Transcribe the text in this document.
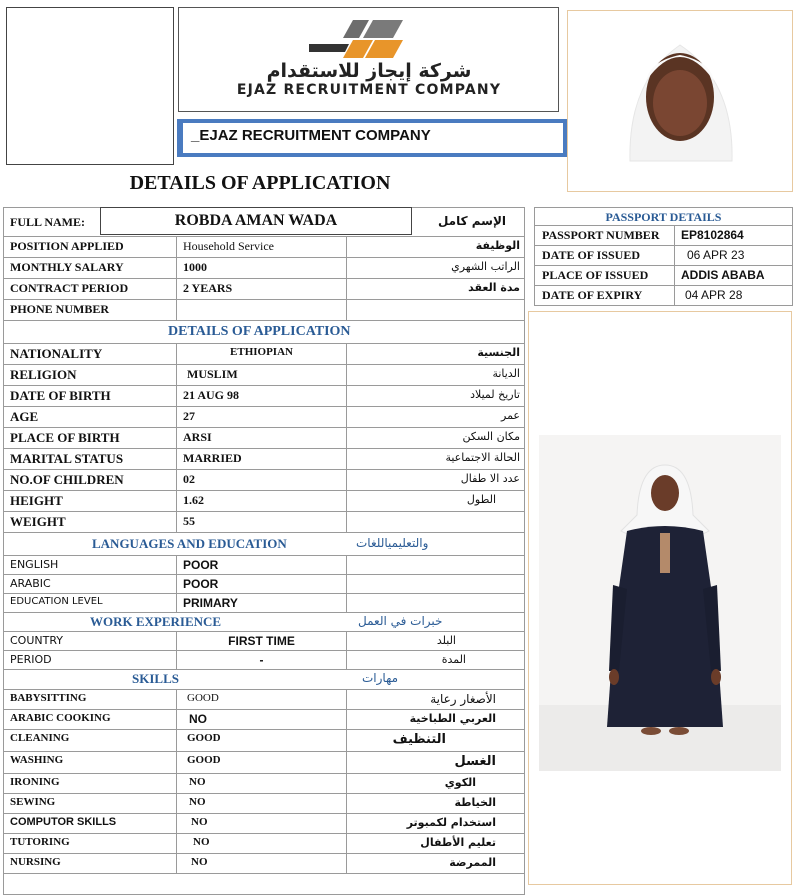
شركة إيجاز للاستقدام
EJAZ RECRUITMENT COMPANY
_EJAZ RECRUITMENT COMPANY
DETAILS OF APPLICATION
FULL NAME:	ROBDA AMAN WADA	الإسم كامل
POSITION APPLIED	Household Service	الوظيفة
MONTHLY SALARY	1000	الراتب الشهري
CONTRACT PERIOD	2 YEARS	مدة العقد
PHONE NUMBER
DETAILS OF APPLICATION
NATIONALITY	ETHIOPIAN	الجنسية
RELIGION	MUSLIM	الديانة
DATE OF BIRTH	21 AUG 98	تاريخ لميلاد
AGE	27	عمر
PLACE OF BIRTH	ARSI	مكان السكن
MARITAL STATUS	MARRIED	الحالة الاجتماعية
NO.OF CHILDREN	02	عدد الا طفال
HEIGHT	1.62	الطول
WEIGHT	55
LANGUAGES AND EDUCATION	والتعليمياللغات
ENGLISH	POOR
ARABIC	POOR
EDUCATION LEVEL	PRIMARY
WORK EXPERIENCE	خبرات في العمل
COUNTRY	FIRST TIME	البلد
PERIOD	-	المدة
SKILLS	مهارات
BABYSITTING	GOOD	الأصغار رعاية
ARABIC COOKING	NO	العربي الطباخية
CLEANING	GOOD	التنظيف
WASHING	GOOD	الغسل
IRONING	NO	الكوي
SEWING	NO	الخياطة
COMPUTOR SKILLS	NO	استخدام لكمبوتر
TUTORING	NO	تعليم الأطفال
NURSING	NO	الممرضة
PASSPORT DETAILS
PASSPORT NUMBER	EP8102864
DATE OF ISSUED	06 APR 23
PLACE OF ISSUED	ADDIS ABABA
DATE OF EXPIRY	04 APR 28
